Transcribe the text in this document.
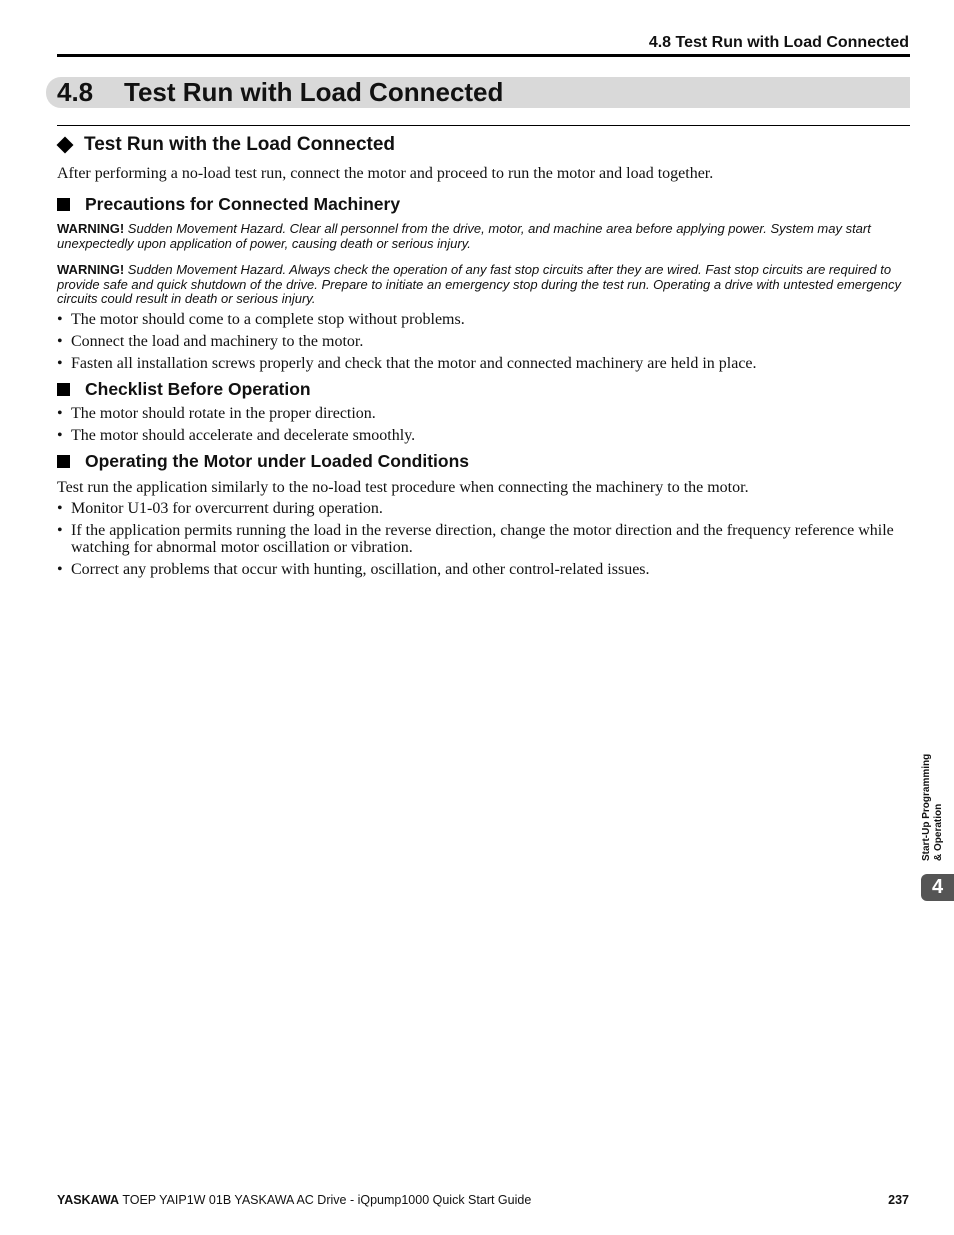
4.8 Test Run with Load Connected
4.8 Test Run with Load Connected
Test Run with the Load Connected

After performing a no-load test run, connect the motor and proceed to run the motor and load together.

Precautions for Connected Machinery

WARNING! Sudden Movement Hazard. Clear all personnel from the drive, motor, and machine area before applying power. System may start unexpectedly upon application of power, causing death or serious injury.

WARNING! Sudden Movement Hazard. Always check the operation of any fast stop circuits after they are wired. Fast stop circuits are required to provide safe and quick shutdown of the drive. Prepare to initiate an emergency stop during the test run. Operating a drive with untested emergency circuits could result in death or serious injury.

• The motor should come to a complete stop without problems.
• Connect the load and machinery to the motor.
• Fasten all installation screws properly and check that the motor and connected machinery are held in place.
Checklist Before Operation
• The motor should rotate in the proper direction.
• The motor should accelerate and decelerate smoothly.
Operating the Motor under Loaded Conditions

Test run the application similarly to the no-load test procedure when connecting the machinery to the motor.

• Monitor U1-03 for overcurrent during operation.
• If the application permits running the load in the reverse direction, change the motor direction and the frequency reference while watching for abnormal motor oscillation or vibration.
• Correct any problems that occur with hunting, oscillation, and other control-related issues.
Start-Up Programming & Operation
4
YASKAWA TOEP YAIP1W 01B YASKAWA AC Drive - iQpump1000 Quick Start Guide	237
